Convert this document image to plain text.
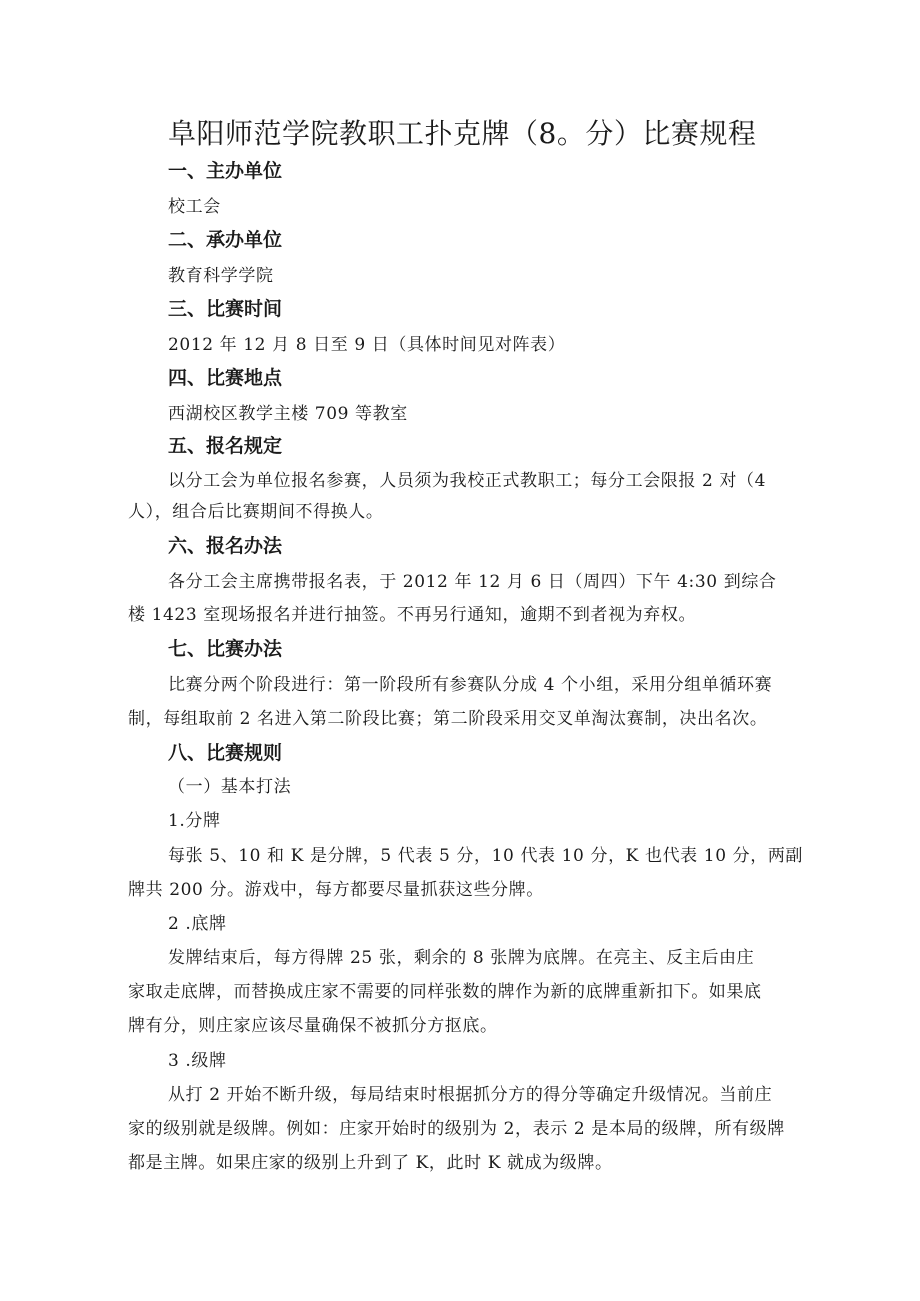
阜阳师范学院教职工扑克牌（8。分）比赛规程
一、主办单位
校工会
二、承办单位
教育科学学院
三、比赛时间
2012 年 12 月 8 日至 9 日（具体时间见对阵表）
四、比赛地点
西湖校区教学主楼 709 等教室
五、报名规定
以分工会为单位报名参赛，人员须为我校正式教职工；每分工会限报 2 对（4
人），组合后比赛期间不得换人。
六、报名办法
各分工会主席携带报名表，于 2012 年 12 月 6 日（周四）下午 4:30 到综合
楼 1423 室现场报名并进行抽签。不再另行通知，逾期不到者视为弃权。
七、比赛办法
比赛分两个阶段进行：第一阶段所有参赛队分成 4 个小组，采用分组单循环赛
制，每组取前 2 名进入第二阶段比赛；第二阶段采用交叉单淘汰赛制，决出名次。
八、比赛规则
（一）基本打法
1.分牌
每张 5、10 和 K 是分牌，5 代表 5 分，10 代表 10 分，K 也代表 10 分，两副
牌共 200 分。游戏中，每方都要尽量抓获这些分牌。
2 .底牌
发牌结束后，每方得牌 25 张，剩余的 8 张牌为底牌。在亮主、反主后由庄
家取走底牌，而替换成庄家不需要的同样张数的牌作为新的底牌重新扣下。如果底
牌有分，则庄家应该尽量确保不被抓分方抠底。
3 .级牌
从打 2 开始不断升级，每局结束时根据抓分方的得分等确定升级情况。当前庄
家的级别就是级牌。例如：庄家开始时的级别为 2，表示 2 是本局的级牌，所有级牌
都是主牌。如果庄家的级别上升到了 K，此时 K 就成为级牌。
